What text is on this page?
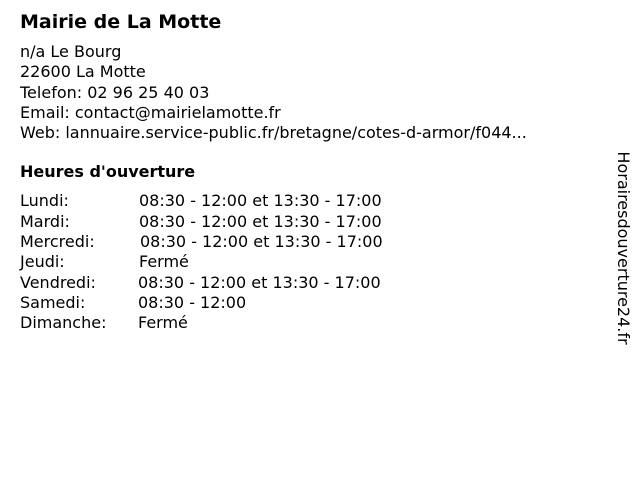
Mairie de La Motte
n/a Le Bourg
22600 La Motte
Telefon: 02 96 25 40 03
Email: contact@mairielamotte.fr
Web: lannuaire.service-public.fr/bretagne/cotes-d-armor/f044...
Heures d'ouverture
Lundi:	08:30 - 12:00 et 13:30 - 17:00
Mardi:	08:30 - 12:00 et 13:30 - 17:00
Mercredi:	08:30 - 12:00 et 13:30 - 17:00
Jeudi:	Fermé
Vendredi:	08:30 - 12:00 et 13:30 - 17:00
Samedi:	08:30 - 12:00
Dimanche: Fermé	Horairesdouverture24.fr
